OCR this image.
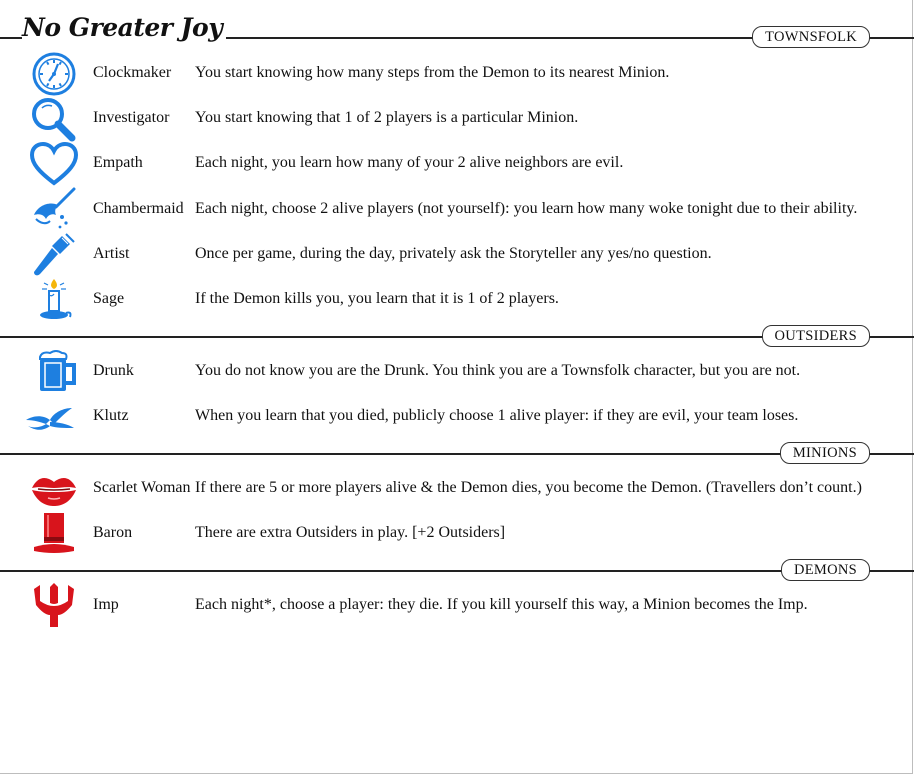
No Greater Joy	TOWNSFOLK
Clockmaker You start knowing how many steps from the Demon to its nearest Minion.
Investigator You start knowing that 1 of 2 players is a particular Minion.
Empath	Each night, you learn how many of your 2 alive neighbors are evil.
Chambermaid Each night, choose 2 alive players (not yourself): you learn how many woke tonight due to their ability.
Artist	Once per game, during the day, privately ask the Storyteller any yes/no question.
Sage	If the Demon kills you, you learn that it is 1 of 2 players.
OUTSIDERS
Drunk	You do not know you are the Drunk. You think you are a Townsfolk character, but you are not.
Klutz	When you learn that you died, publicly choose 1 alive player: if they are evil, your team loses.
MINIONS
Scarlet Woman If there are 5 or more players alive & the Demon dies, you become the Demon. (Travellers don’t count.)
Baron	There are extra Outsiders in play. [+2 Outsiders]
DEMONS
Imp	Each night*, choose a player: they die. If you kill yourself this way, a Minion becomes the Imp.
